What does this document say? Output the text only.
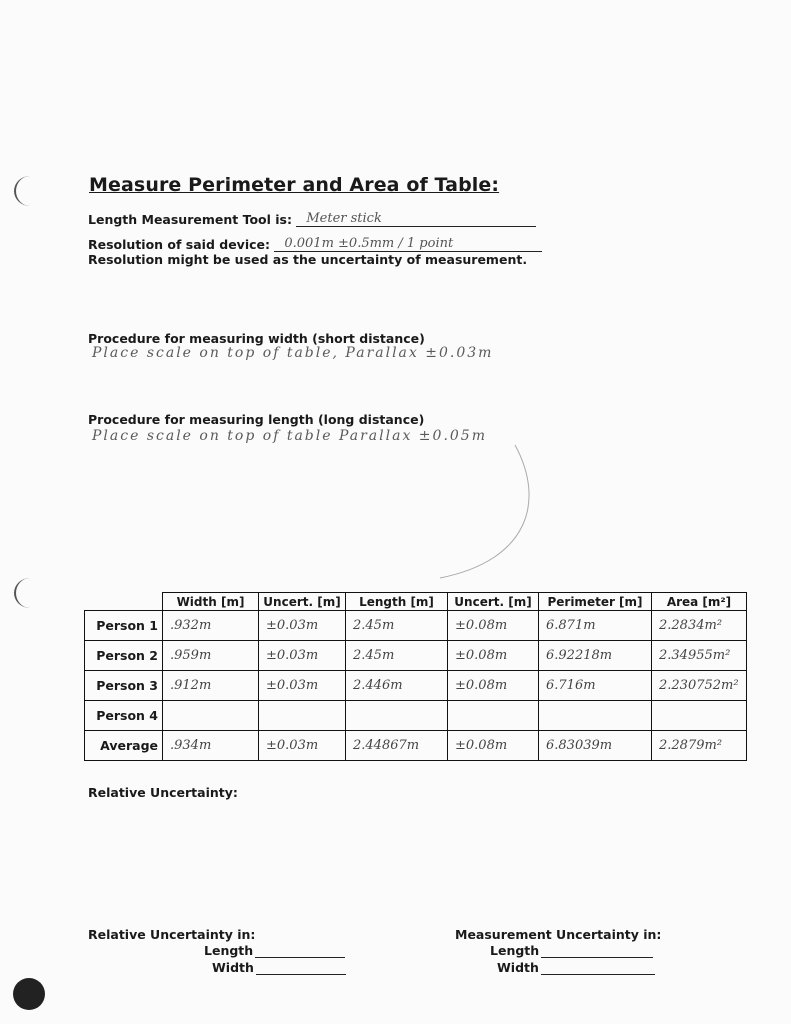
Measure Perimeter and Area of Table:
Length Measurement Tool is: Meter stick
Resolution of said device: 0.001m ±0.5mm / 1 point
Resolution might be used as the uncertainty of measurement.
Procedure for measuring width (short distance)
Place scale on top of table, Parallax ±0.03m
Procedure for measuring length (long distance)
Place scale on top of table Parallax ±0.05m
	Width [m]	Uncert. [m]	Length [m]	Uncert. [m]	Perimeter [m]	Area [m²]
Person 1	.932m	±0.03m	2.45m	±0.08m	6.871m	2.2834m²
Person 2	.959m	±0.03m	2.45m	±0.08m	6.92218m	2.34955m²
Person 3	.912m	±0.03m	2.446m	±0.08m	6.716m	2.230752m²
Person 4						
Average	.934m	±0.03m	2.44867m	±0.08m	6.83039m	2.2879m²
Relative Uncertainty:
Relative Uncertainty in:
Length
Width
Measurement Uncertainty in:
Length
Width
